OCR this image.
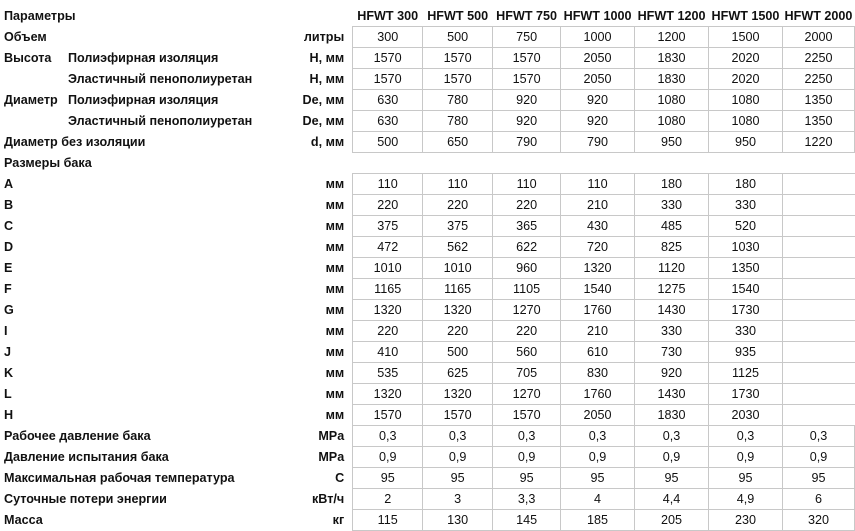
Параметры		HFWT 300	HFWT 500	HFWT 750	HFWT 1000	HFWT 1200	HFWT 1500	HFWT 2000
Объем	литры	300	500	750	1000	1200	1500	2000
Высота Полиэфирная изоляция	H, мм	1570	1570	1570	2050	1830	2020	2250
Эластичный пенополиуретан	H, мм	1570	1570	1570	2050	1830	2020	2250
Диаметр Полиэфирная изоляция	De, мм	630	780	920	920	1080	1080	1350
Эластичный пенополиуретан	De, мм	630	780	920	920	1080	1080	1350
Диаметр без изоляции	d, мм	500	650	790	790	950	950	1220
Размеры бака								
A	мм	110	110	110	110	180	180	
B	мм	220	220	220	210	330	330	
C	мм	375	375	365	430	485	520	
D	мм	472	562	622	720	825	1030	
E	мм	1010	1010	960	1320	1120	1350	
F	мм	1165	1165	1105	1540	1275	1540	
G	мм	1320	1320	1270	1760	1430	1730	
I	мм	220	220	220	210	330	330	
J	мм	410	500	560	610	730	935	
K	мм	535	625	705	830	920	1125	
L	мм	1320	1320	1270	1760	1430	1730	
H	мм	1570	1570	1570	2050	1830	2030	
Рабочее давление бака	MPa	0,3	0,3	0,3	0,3	0,3	0,3	0,3
Давление испытания бака	MPa	0,9	0,9	0,9	0,9	0,9	0,9	0,9
Максимальная рабочая температура	C	95	95	95	95	95	95	95
Суточные потери энергии	кВт/ч	2	3	3,3	4	4,4	4,9	6
Масса	кг	115	130	145	185	205	230	320
